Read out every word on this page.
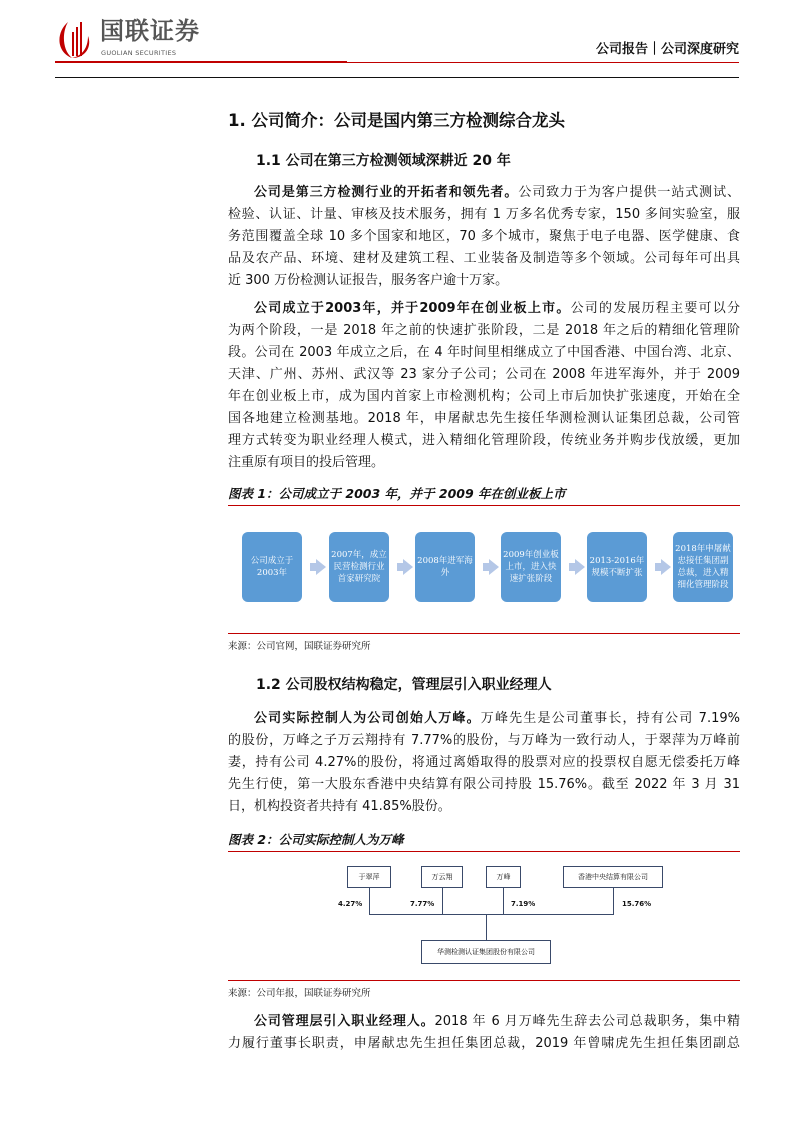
国联证券
GUOLIAN SECURITIES	公司报告｜公司深度研究
1. 公司简介：公司是国内第三方检测综合龙头
1.1 公司在第三方检测领域深耕近 20 年
公司是第三方检测行业的开拓者和领先者。公司致力于为客户提供一站式测试、
检验、认证、计量、审核及技术服务，拥有 1 万多名优秀专家，150 多间实验室，服
务范围覆盖全球 10 多个国家和地区，70 多个城市，聚焦于电子电器、医学健康、食
品及农产品、环境、建材及建筑工程、工业装备及制造等多个领域。公司每年可出具
近 300 万份检测认证报告，服务客户逾十万家。
公司成立于2003年，并于2009年在创业板上市。公司的发展历程主要可以分
为两个阶段，一是 2018 年之前的快速扩张阶段，二是 2018 年之后的精细化管理阶
段。公司在 2003 年成立之后，在 4 年时间里相继成立了中国香港、中国台湾、北京、
天津、广州、苏州、武汉等 23 家分子公司；公司在 2008 年进军海外，并于 2009
年在创业板上市，成为国内首家上市检测机构；公司上市后加快扩张速度，开始在全
国各地建立检测基地。2018 年，申屠献忠先生接任华测检测认证集团总裁，公司管
理方式转变为职业经理人模式，进入精细化管理阶段，传统业务并购步伐放缓，更加
注重原有项目的投后管理。
图表 1：公司成立于 2003 年，并于 2009 年在创业板上市
公司成立于2003年
2007年，成立民营检测行业首家研究院
2008年进军海外
2009年创业板上市，进入快速扩张阶段
2013-2016年规模不断扩张
2018年申屠献忠接任集团副总裁，进入精细化管理阶段
来源：公司官网，国联证券研究所
1.2 公司股权结构稳定，管理层引入职业经理人
公司实际控制人为公司创始人万峰。万峰先生是公司董事长，持有公司 7.19%
的股份，万峰之子万云翔持有 7.77%的股份，与万峰为一致行动人，于翠萍为万峰前
妻，持有公司 4.27%的股份，将通过离婚取得的股票对应的投票权自愿无偿委托万峰
先生行使，第一大股东香港中央结算有限公司持股 15.76%。截至 2022 年 3 月 31
日，机构投资者共持有 41.85%股份。
图表 2：公司实际控制人为万峰
于翠萍	万云翔	万峰	香港中央结算有限公司
4.27%	7.77%	7.19%	15.76%
华测检测认证集团股份有限公司
来源：公司年报，国联证券研究所
公司管理层引入职业经理人。2018 年 6 月万峰先生辞去公司总裁职务，集中精
力履行董事长职责，申屠献忠先生担任集团总裁，2019 年曾啸虎先生担任集团副总
